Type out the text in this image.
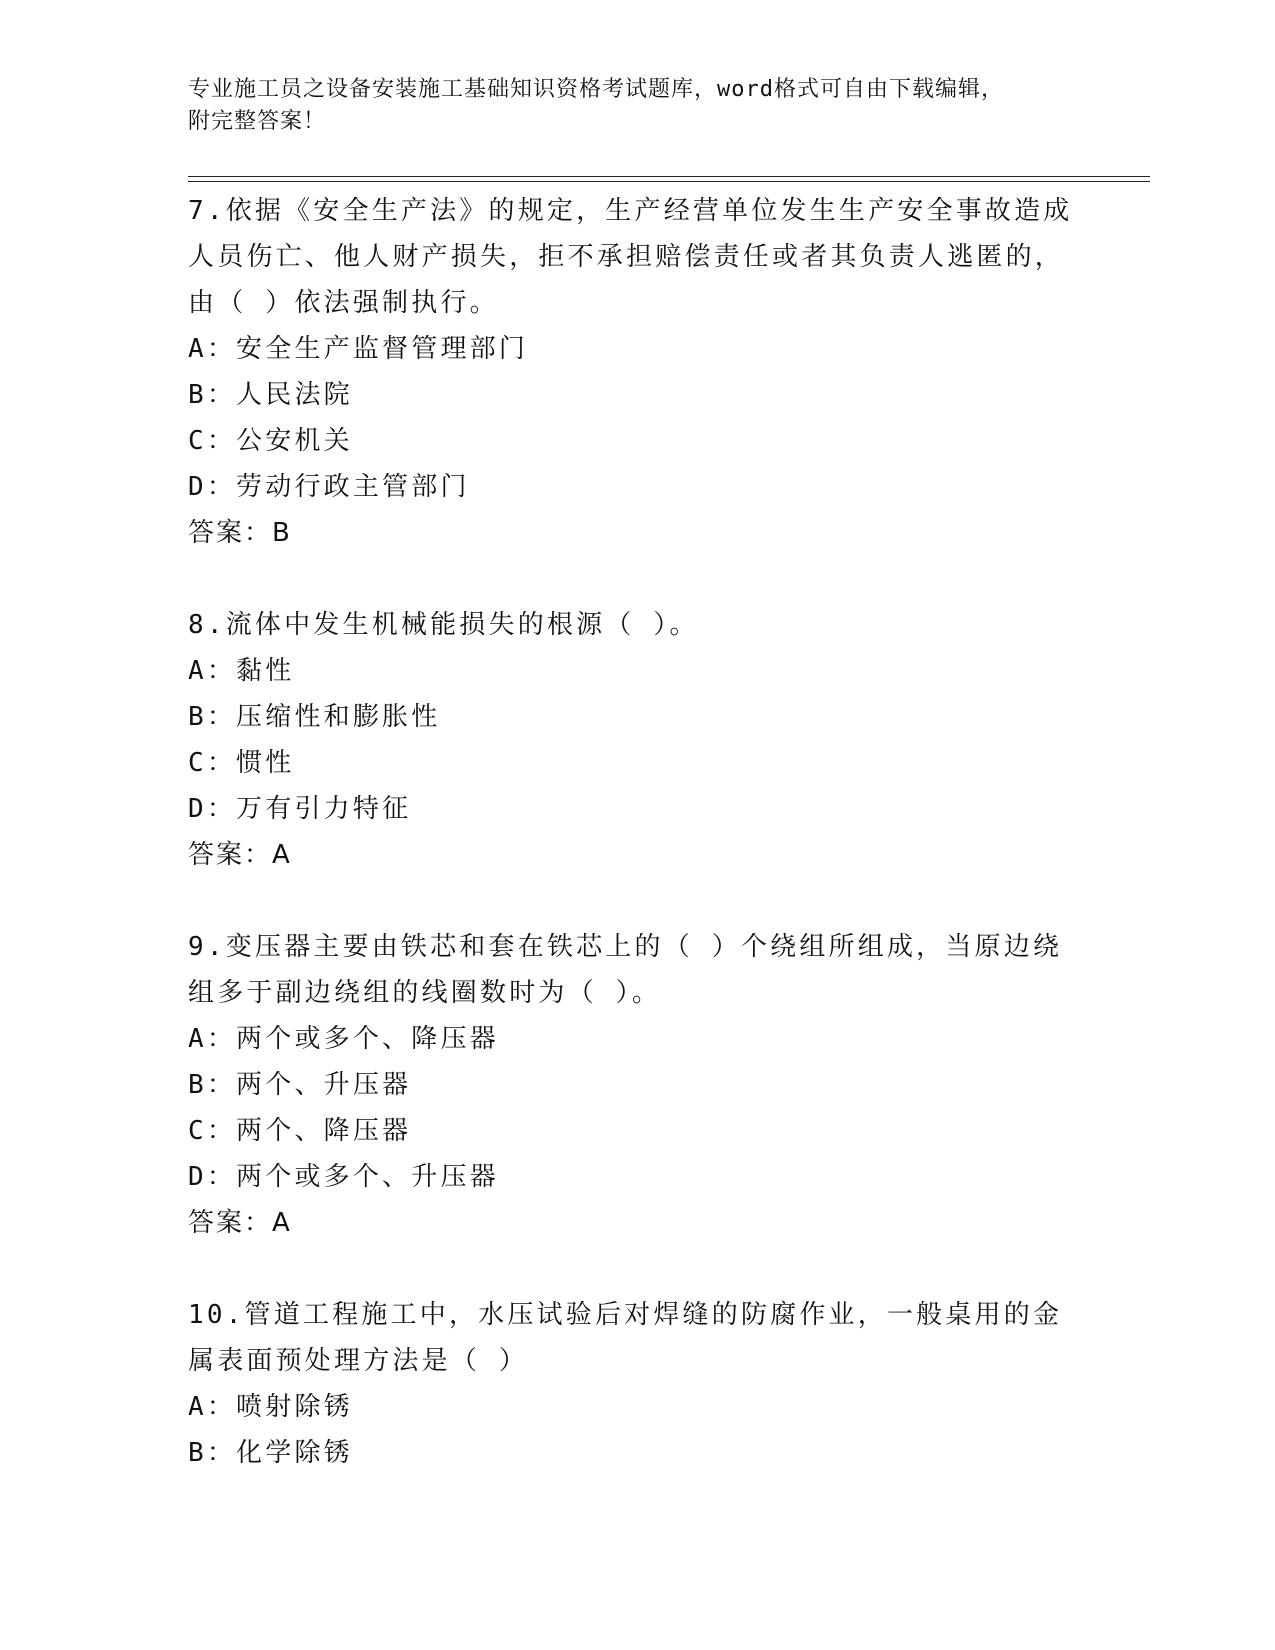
专业施工员之设备安装施工基础知识资格考试题库，word格式可自由下载编辑，
附完整答案！
7.依据《安全生产法》的规定，生产经营单位发生生产安全事故造成人员伤亡、他人财产损失，拒不承担赔偿责任或者其负责人逃匿的，由（ ）依法强制执行。
A：安全生产监督管理部门
B：人民法院
C：公安机关
D：劳动行政主管部门
答案：B
8.流体中发生机械能损失的根源（ ）。
A：黏性
B：压缩性和膨胀性
C：惯性
D：万有引力特征
答案：A
9.变压器主要由铁芯和套在铁芯上的（ ）个绕组所组成，当原边绕组多于副边绕组的线圈数时为（ ）。
A：两个或多个、降压器
B：两个、升压器
C：两个、降压器
D：两个或多个、升压器
答案：A
10.管道工程施工中，水压试验后对焊缝的防腐作业，一般桌用的金属表面预处理方法是（ ）
A：喷射除锈
B：化学除锈
